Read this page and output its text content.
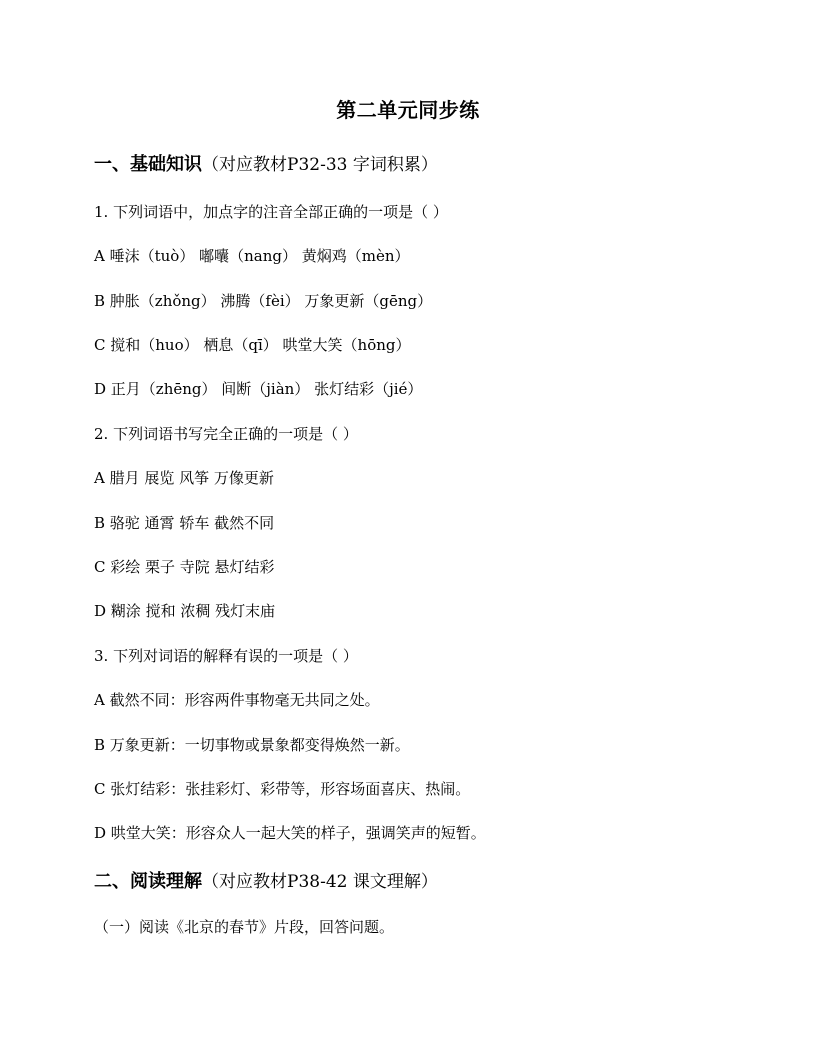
第二单元同步练
一、基础知识（对应教材P32-33 字词积累）
1. 下列词语中，加点字的注音全部正确的一项是（ ）
A 唾沫（tuò） 嘟囔（nang） 黄焖鸡（mèn）
B 肿胀（zhǒng） 沸腾（fèi） 万象更新（gēng）
C 搅和（huo） 栖息（qī） 哄堂大笑（hōng）
D 正月（zhēng） 间断（jiàn） 张灯结彩（jié）
2. 下列词语书写完全正确的一项是（ ）
A 腊月 展览 风筝 万像更新
B 骆驼 通霄 轿车 截然不同
C 彩绘 栗子 寺院 悬灯结彩
D 糊涂 搅和 浓稠 残灯末庙
3. 下列对词语的解释有误的一项是（ ）
A 截然不同：形容两件事物毫无共同之处。
B 万象更新：一切事物或景象都变得焕然一新。
C 张灯结彩：张挂彩灯、彩带等，形容场面喜庆、热闹。
D 哄堂大笑：形容众人一起大笑的样子，强调笑声的短暂。
二、阅读理解（对应教材P38-42 课文理解）
（一）阅读《北京的春节》片段，回答问题。
